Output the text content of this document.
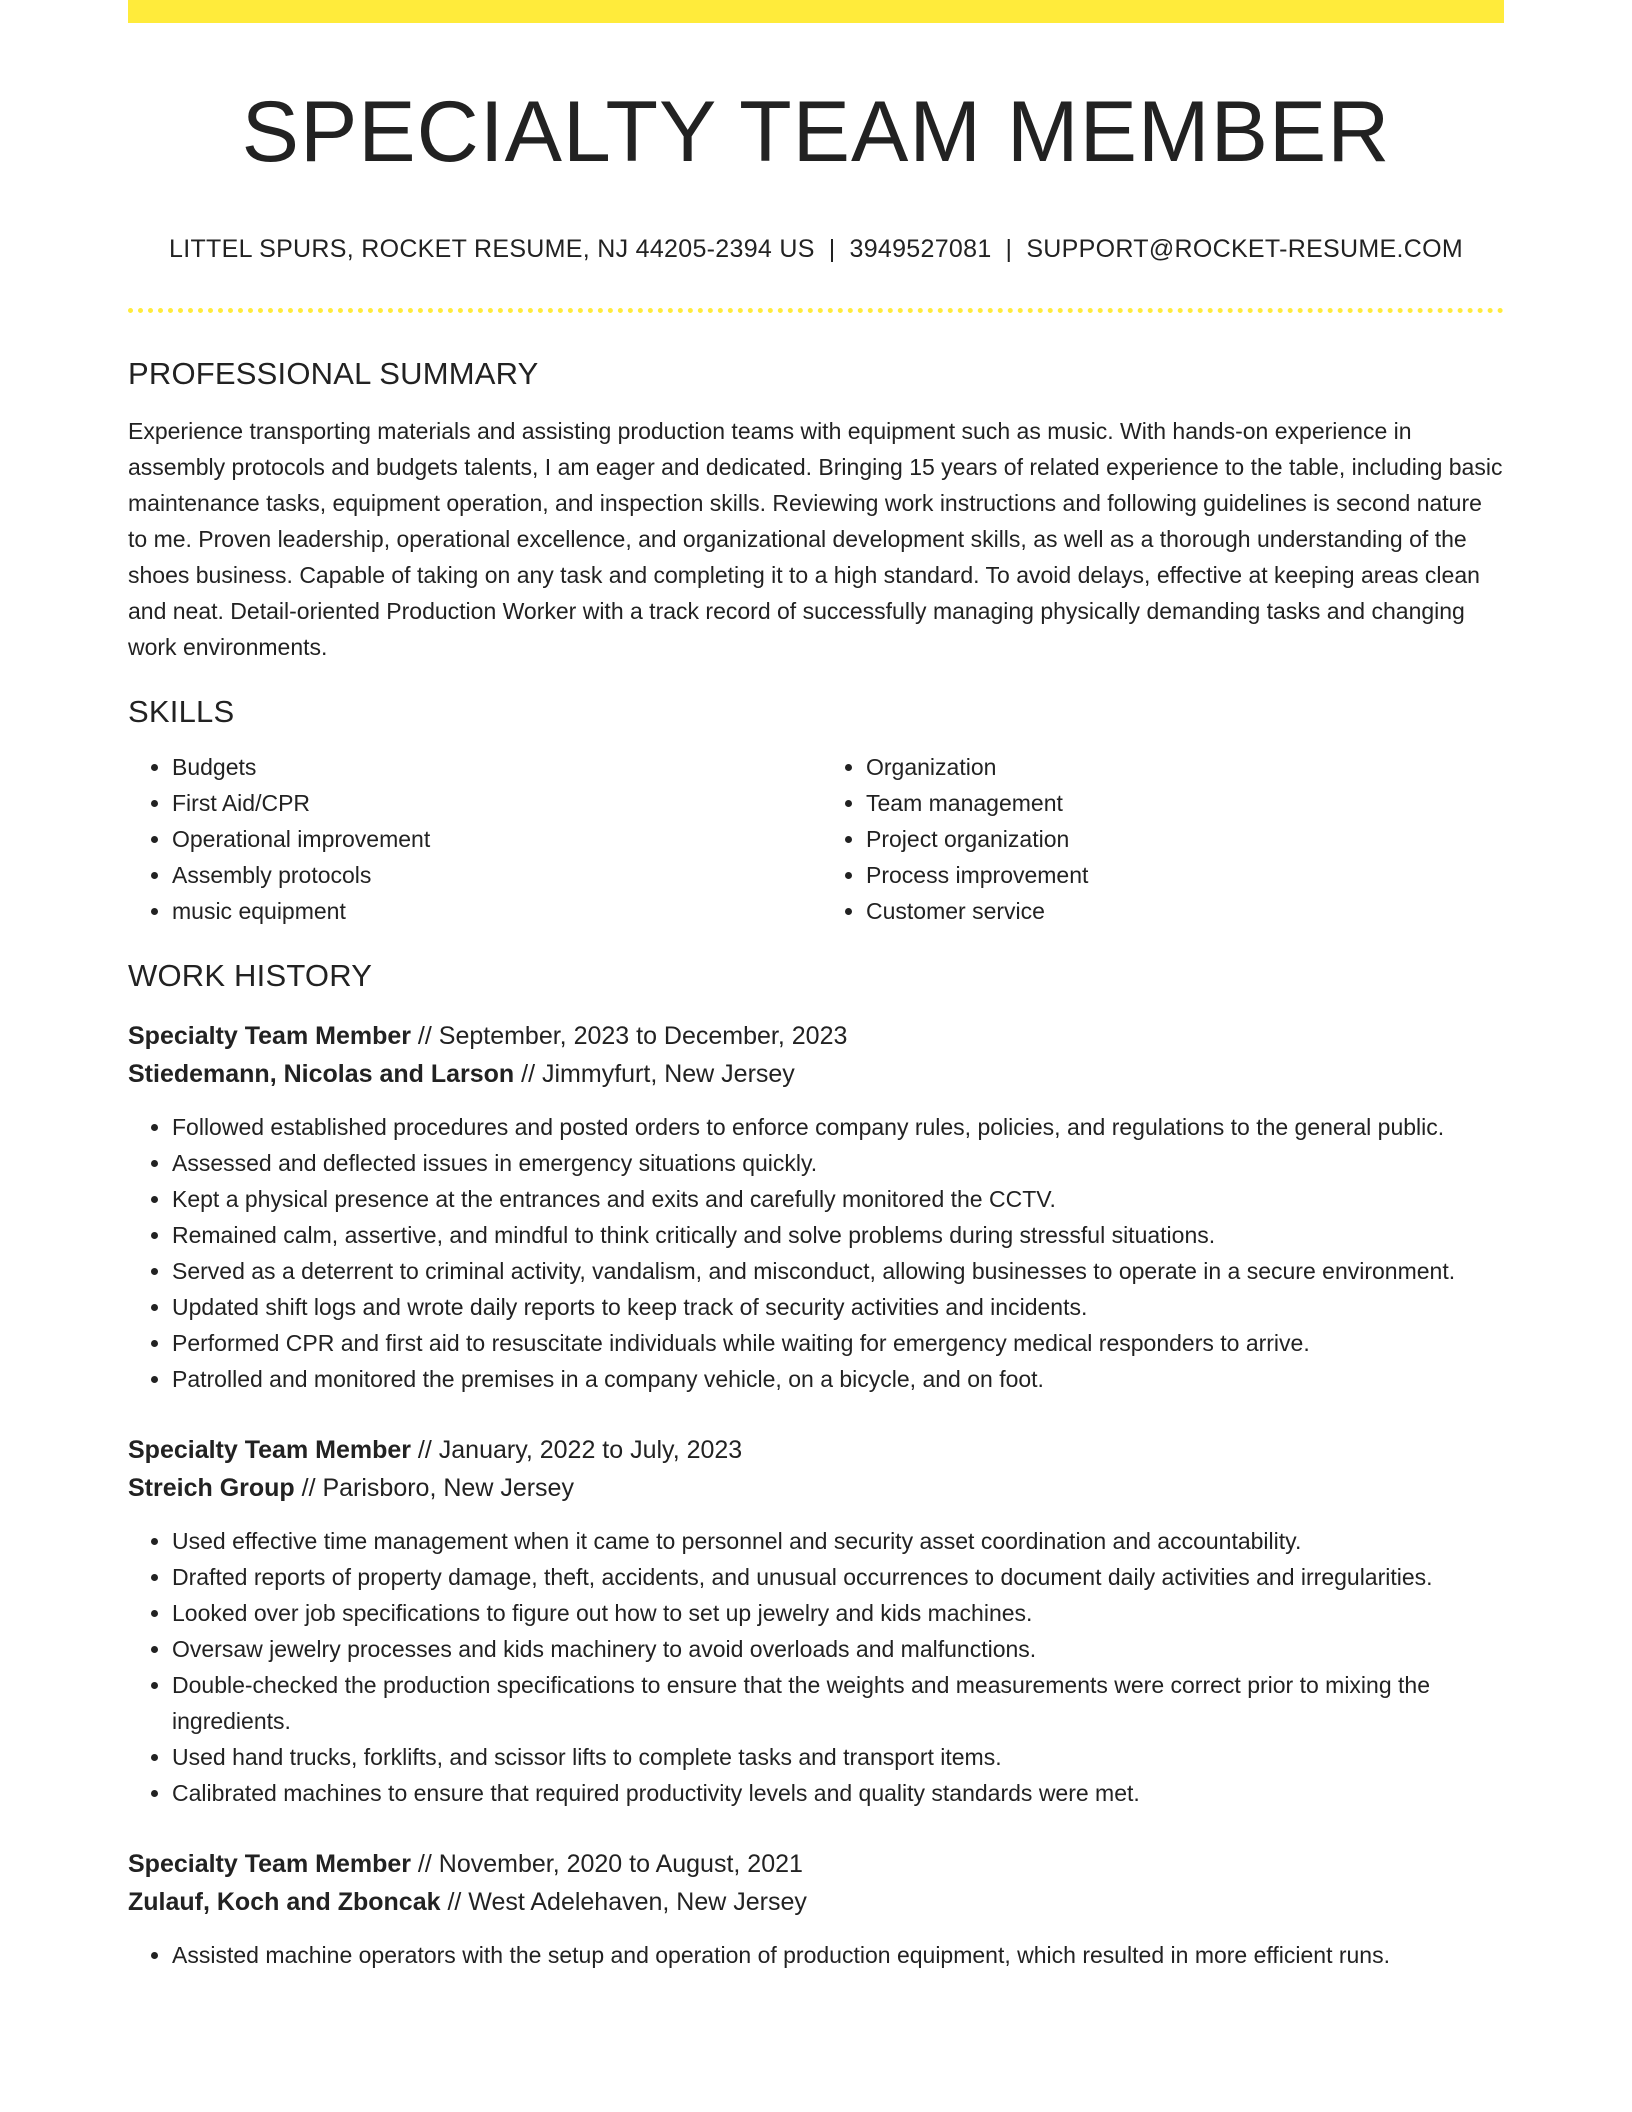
SPECIALTY TEAM MEMBER
LITTEL SPURS, ROCKET RESUME, NJ 44205-2394 US | 3949527081 | SUPPORT@ROCKET-RESUME.COM
PROFESSIONAL SUMMARY

Experience transporting materials and assisting production teams with equipment such as music. With hands-on experience in assembly protocols and budgets talents, I am eager and dedicated. Bringing 15 years of related experience to the table, including basic maintenance tasks, equipment operation, and inspection skills. Reviewing work instructions and following guidelines is second nature to me. Proven leadership, operational excellence, and organizational development skills, as well as a thorough understanding of the shoes business. Capable of taking on any task and completing it to a high standard. To avoid delays, effective at keeping areas clean and neat. Detail-oriented Production Worker with a track record of successfully managing physically demanding tasks and changing work environments.

SKILLS
• Budgets
• First Aid/CPR
• Operational improvement
• Assembly protocols
• music equipment
• Organization
• Team management
• Project organization
• Process improvement
• Customer service
WORK HISTORY
Specialty Team Member // September, 2023 to December, 2023
Stiedemann, Nicolas and Larson // Jimmyfurt, New Jersey
• Followed established procedures and posted orders to enforce company rules, policies, and regulations to the general public.
• Assessed and deflected issues in emergency situations quickly.
• Kept a physical presence at the entrances and exits and carefully monitored the CCTV.
• Remained calm, assertive, and mindful to think critically and solve problems during stressful situations.
• Served as a deterrent to criminal activity, vandalism, and misconduct, allowing businesses to operate in a secure environment.
• Updated shift logs and wrote daily reports to keep track of security activities and incidents.
• Performed CPR and first aid to resuscitate individuals while waiting for emergency medical responders to arrive.
• Patrolled and monitored the premises in a company vehicle, on a bicycle, and on foot.
Specialty Team Member // January, 2022 to July, 2023
Streich Group // Parisboro, New Jersey
• Used effective time management when it came to personnel and security asset coordination and accountability.
• Drafted reports of property damage, theft, accidents, and unusual occurrences to document daily activities and irregularities.
• Looked over job specifications to figure out how to set up jewelry and kids machines.
• Oversaw jewelry processes and kids machinery to avoid overloads and malfunctions.
• Double-checked the production specifications to ensure that the weights and measurements were correct prior to mixing the ingredients.
• Used hand trucks, forklifts, and scissor lifts to complete tasks and transport items.
• Calibrated machines to ensure that required productivity levels and quality standards were met.
Specialty Team Member // November, 2020 to August, 2021
Zulauf, Koch and Zboncak // West Adelehaven, New Jersey
• Assisted machine operators with the setup and operation of production equipment, which resulted in more efficient runs.
